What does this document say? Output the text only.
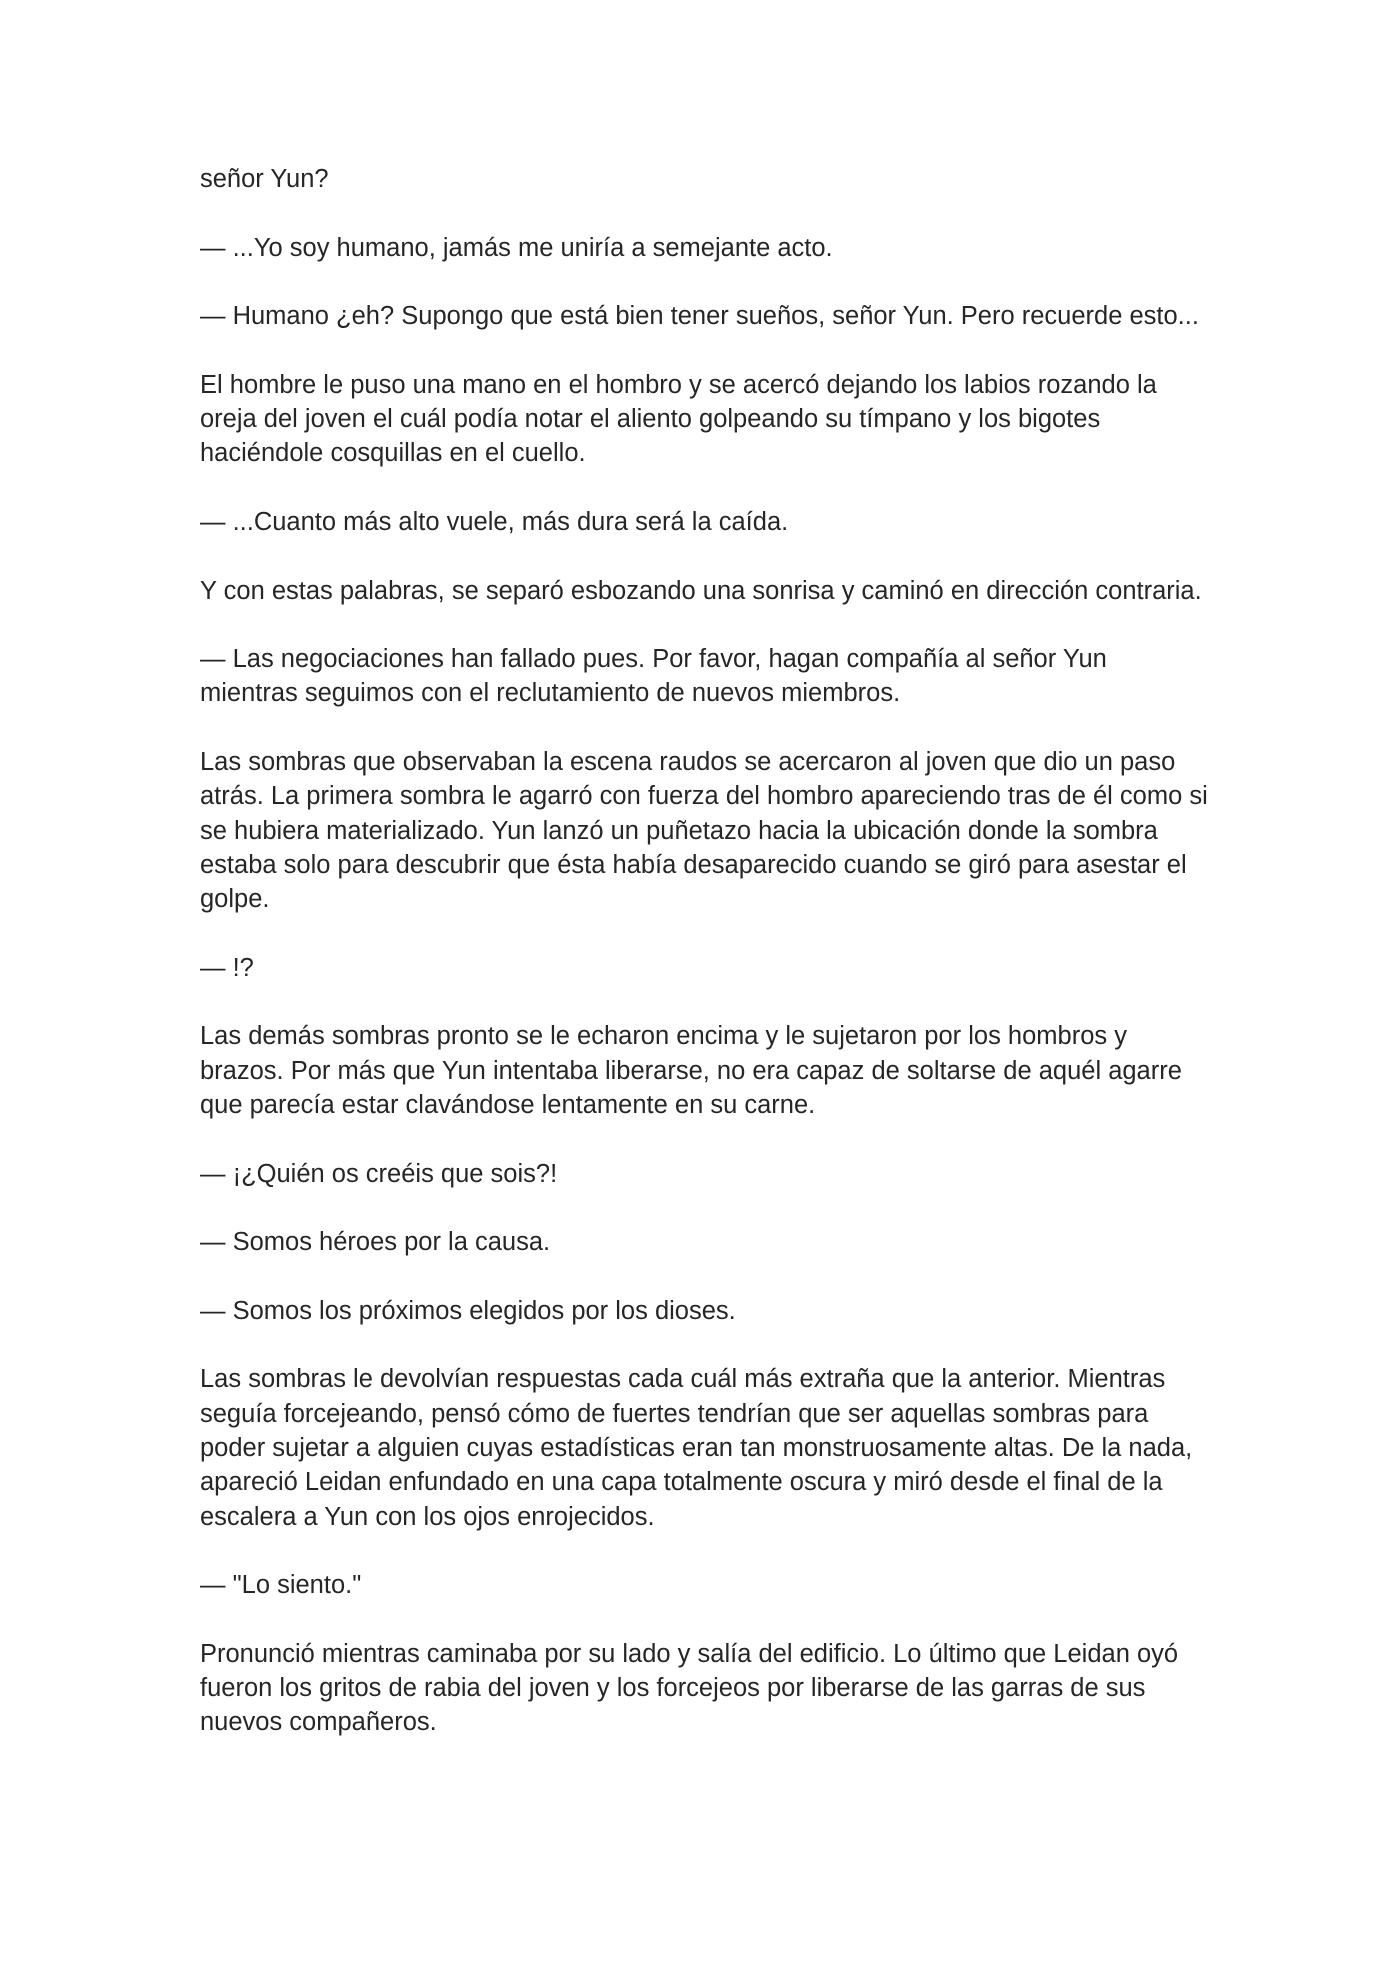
señor Yun?

— ...Yo soy humano, jamás me uniría a semejante acto.

— Humano ¿eh? Supongo que está bien tener sueños, señor Yun. Pero recuerde esto...

El hombre le puso una mano en el hombro y se acercó dejando los labios rozando la oreja del joven el cuál podía notar el aliento golpeando su tímpano y los bigotes haciéndole cosquillas en el cuello.

— ...Cuanto más alto vuele, más dura será la caída.

Y con estas palabras, se separó esbozando una sonrisa y caminó en dirección contraria.

— Las negociaciones han fallado pues. Por favor, hagan compañía al señor Yun mientras seguimos con el reclutamiento de nuevos miembros.

Las sombras que observaban la escena raudos se acercaron al joven que dio un paso atrás. La primera sombra le agarró con fuerza del hombro apareciendo tras de él como si se hubiera materializado. Yun lanzó un puñetazo hacia la ubicación donde la sombra estaba solo para descubrir que ésta había desaparecido cuando se giró para asestar el golpe.

— !?

Las demás sombras pronto se le echaron encima y le sujetaron por los hombros y brazos. Por más que Yun intentaba liberarse, no era capaz de soltarse de aquél agarre que parecía estar clavándose lentamente en su carne.

— ¡¿Quién os creéis que sois?!

— Somos héroes por la causa.

— Somos los próximos elegidos por los dioses.

Las sombras le devolvían respuestas cada cuál más extraña que la anterior. Mientras seguía forcejeando, pensó cómo de fuertes tendrían que ser aquellas sombras para poder sujetar a alguien cuyas estadísticas eran tan monstruosamente altas. De la nada, apareció Leidan enfundado en una capa totalmente oscura y miró desde el final de la escalera a Yun con los ojos enrojecidos.

— "Lo siento."

Pronunció mientras caminaba por su lado y salía del edificio. Lo último que Leidan oyó fueron los gritos de rabia del joven y los forcejeos por liberarse de las garras de sus nuevos compañeros.
